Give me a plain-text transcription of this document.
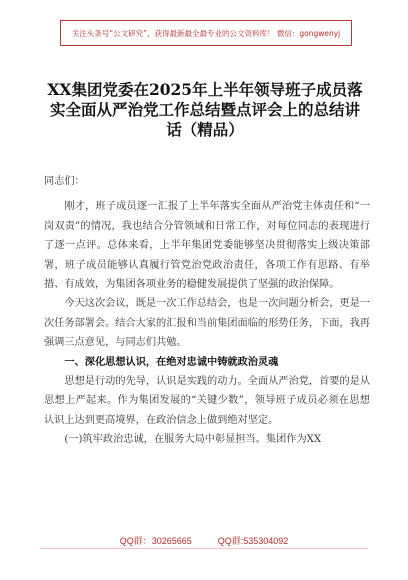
关注头条号“公文研究”，获得最新最全最专业的公文资料库！ 微信：gongwenyj
XX集团党委在2025年上半年领导班子成员落实全面从严治党工作总结暨点评会上的总结讲话（精品）

同志们：

刚才，班子成员逐一汇报了上半年落实全面从严治党主体责任和“一岗双责”的情况，我也结合分管领域和日常工作，对每位同志的表现进行了逐一点评。总体来看，上半年集团党委能够坚决贯彻落实上级决策部署，班子成员能够认真履行管党治党政治责任，各项工作有思路、有举措、有成效，为集团各项业务的稳健发展提供了坚强的政治保障。

今天这次会议，既是一次工作总结会，也是一次问题分析会，更是一次任务部署会。结合大家的汇报和当前集团面临的形势任务，下面，我再强调三点意见，与同志们共勉。

一、深化思想认识，在绝对忠诚中铸就政治灵魂

思想是行动的先导，认识是实践的动力。全面从严治党，首要的是从思想上严起来。作为集团发展的“关键少数”，领导班子成员必须在思想认识上达到更高境界，在政治信念上做到绝对坚定。

(一)筑牢政治忠诚，在服务大局中彰显担当。集团作为XX

QQ群：30265665	QQ群:535304092
